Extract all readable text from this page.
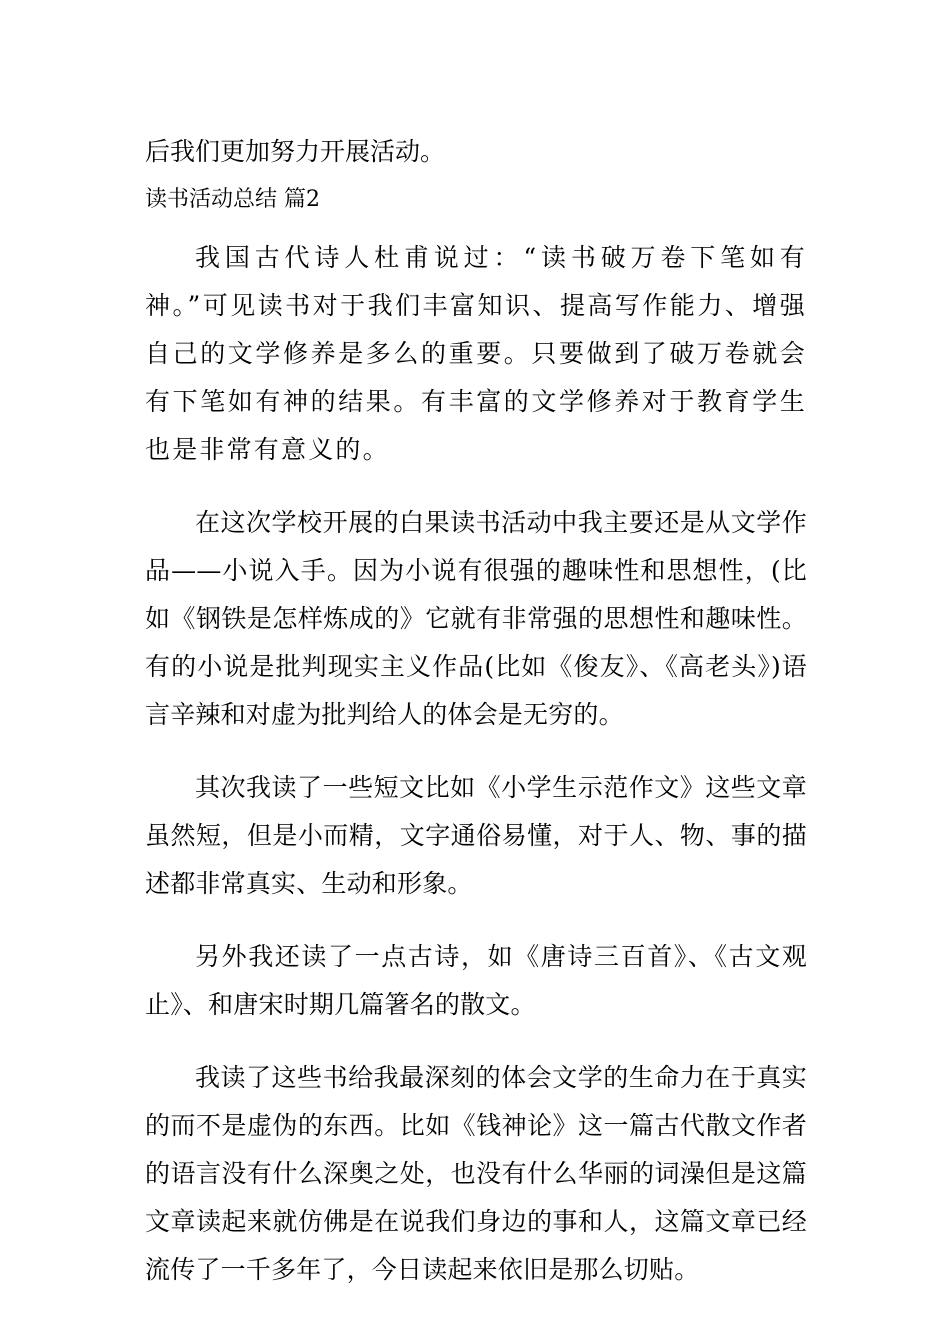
后我们更加努力开展活动。
读书活动总结 篇2

我国古代诗人杜甫说过：“读书破万卷下笔如有神。”可见读书对于我们丰富知识、提高写作能力、增强自己的文学修养是多么的重要。只要做到了破万卷就会有下笔如有神的结果。有丰富的文学修养对于教育学生也是非常有意义的。

在这次学校开展的白果读书活动中我主要还是从文学作品——小说入手。因为小说有很强的趣味性和思想性，(比如《钢铁是怎样炼成的》它就有非常强的思想性和趣味性。有的小说是批判现实主义作品(比如《俊友》、《高老头》)语言辛辣和对虚为批判给人的体会是无穷的。

其次我读了一些短文比如《小学生示范作文》这些文章虽然短，但是小而精，文字通俗易懂，对于人、物、事的描述都非常真实、生动和形象。

另外我还读了一点古诗，如《唐诗三百首》、《古文观止》、和唐宋时期几篇箸名的散文。

我读了这些书给我最深刻的体会文学的生命力在于真实的而不是虚伪的东西。比如《钱神论》这一篇古代散文作者的语言没有什么深奥之处，也没有什么华丽的词澡但是这篇文章读起来就仿佛是在说我们身边的事和人，这篇文章已经流传了一千多年了，今日读起来依旧是那么切贴。
